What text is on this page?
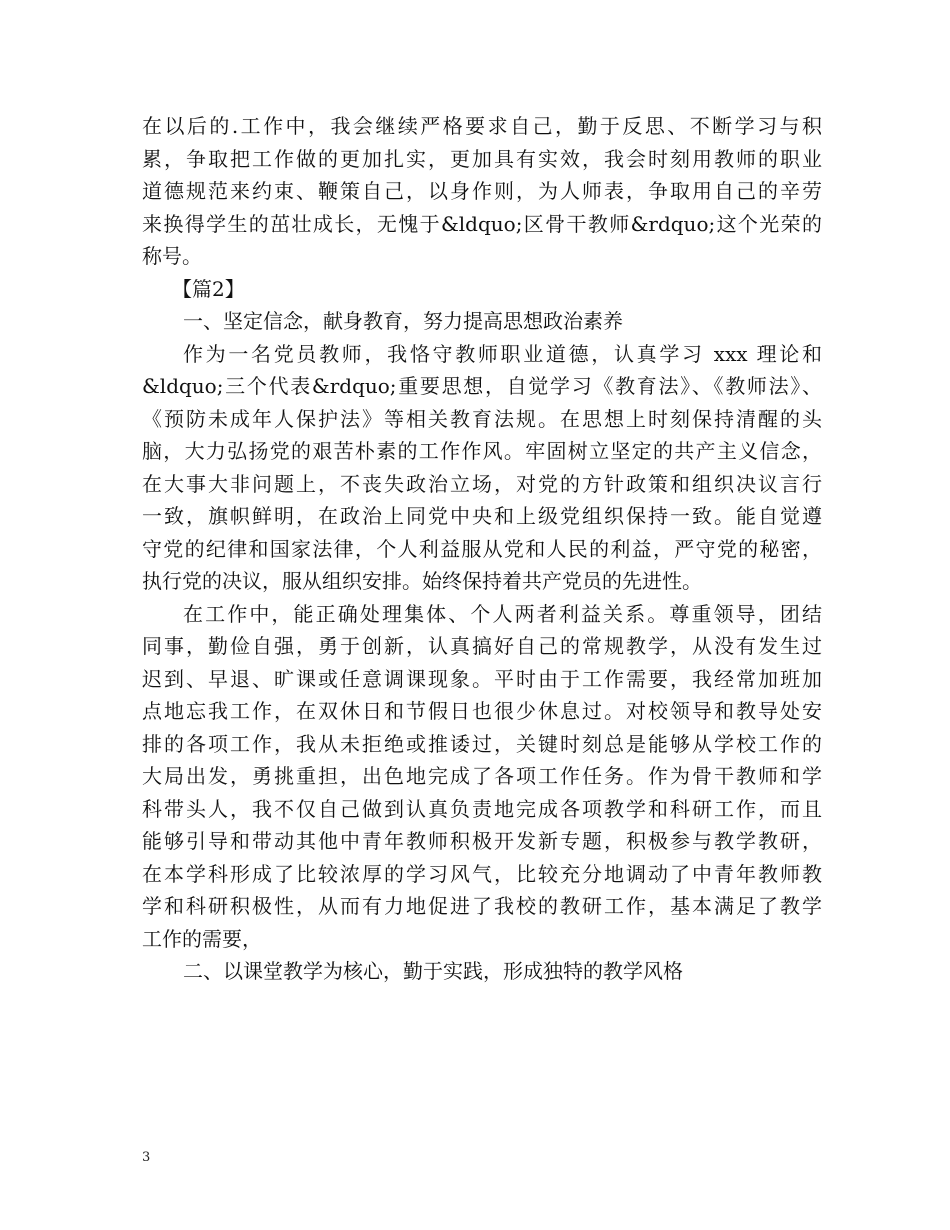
在以后的.工作中，我会继续严格要求自己，勤于反思、不断学习与积
累，争取把工作做的更加扎实，更加具有实效，我会时刻用教师的职业
道德规范来约束、鞭策自己，以身作则，为人师表，争取用自己的辛劳
来换得学生的茁壮成长，无愧于&ldquo;区骨干教师&rdquo;这个光荣的
称号。
【篇2】
一、坚定信念，献身教育，努力提高思想政治素养
作为一名党员教师，我恪守教师职业道德，认真学习 xxx 理论和
&ldquo;三个代表&rdquo;重要思想，自觉学习《教育法》、《教师法》、
《预防未成年人保护法》等相关教育法规。在思想上时刻保持清醒的头
脑，大力弘扬党的艰苦朴素的工作作风。牢固树立坚定的共产主义信念，
在大事大非问题上，不丧失政治立场，对党的方针政策和组织决议言行
一致，旗帜鲜明，在政治上同党中央和上级党组织保持一致。能自觉遵
守党的纪律和国家法律，个人利益服从党和人民的利益，严守党的秘密，
执行党的决议，服从组织安排。始终保持着共产党员的先进性。
在工作中，能正确处理集体、个人两者利益关系。尊重领导，团结
同事，勤俭自强，勇于创新，认真搞好自己的常规教学，从没有发生过
迟到、早退、旷课或任意调课现象。平时由于工作需要，我经常加班加
点地忘我工作，在双休日和节假日也很少休息过。对校领导和教导处安
排的各项工作，我从未拒绝或推诿过，关键时刻总是能够从学校工作的
大局出发，勇挑重担，出色地完成了各项工作任务。作为骨干教师和学
科带头人，我不仅自己做到认真负责地完成各项教学和科研工作，而且
能够引导和带动其他中青年教师积极开发新专题，积极参与教学教研，
在本学科形成了比较浓厚的学习风气，比较充分地调动了中青年教师教
学和科研积极性，从而有力地促进了我校的教研工作，基本满足了教学
工作的需要，
二、以课堂教学为核心，勤于实践，形成独特的教学风格
3
